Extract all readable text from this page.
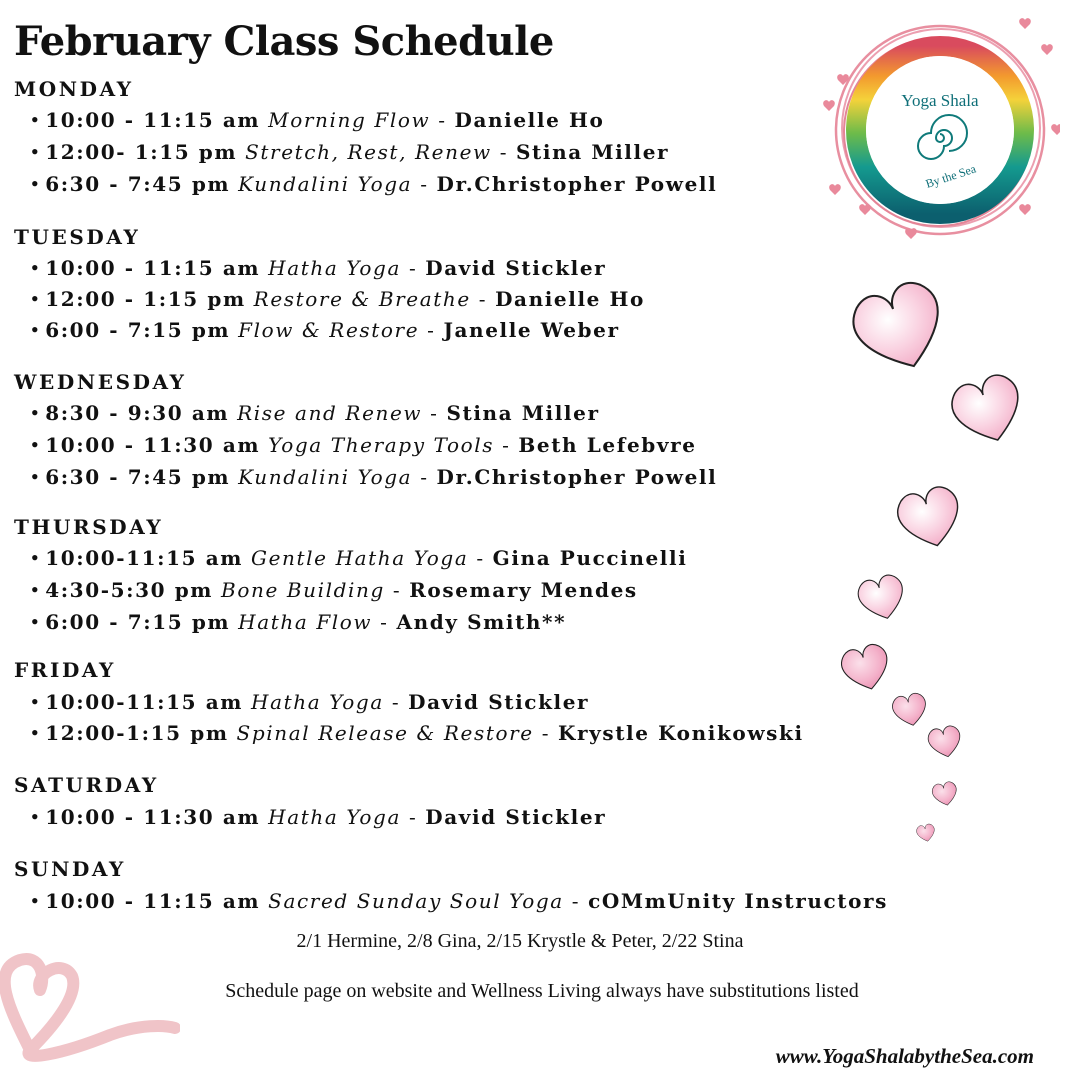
February Class Schedule
Yoga Shala
By the Sea
MONDAY
• 10:00 - 11:15 am Morning Flow - Danielle Ho
• 12:00- 1:15 pm Stretch, Rest, Renew - Stina Miller
• 6:30 - 7:45 pm Kundalini Yoga - Dr.Christopher Powell
TUESDAY
• 10:00 - 11:15 am Hatha Yoga - David Stickler
• 12:00 - 1:15 pm Restore & Breathe - Danielle Ho
• 6:00 - 7:15 pm Flow & Restore - Janelle Weber
WEDNESDAY
• 8:30 - 9:30 am Rise and Renew - Stina Miller
• 10:00 - 11:30 am Yoga Therapy Tools - Beth Lefebvre
• 6:30 - 7:45 pm Kundalini Yoga - Dr.Christopher Powell
THURSDAY
• 10:00-11:15 am Gentle Hatha Yoga - Gina Puccinelli
• 4:30-5:30 pm Bone Building - Rosemary Mendes
• 6:00 - 7:15 pm Hatha Flow - Andy Smith**
FRIDAY
• 10:00-11:15 am Hatha Yoga - David Stickler
• 12:00-1:15 pm Spinal Release & Restore - Krystle Konikowski
SATURDAY
• 10:00 - 11:30 am Hatha Yoga - David Stickler
SUNDAY
• 10:00 - 11:15 am Sacred Sunday Soul Yoga - cOMmUnity Instructors
2/1 Hermine, 2/8 Gina, 2/15 Krystle & Peter, 2/22 Stina
Schedule page on website and Wellness Living always have substitutions listed
www.YogaShalabytheSea.com
